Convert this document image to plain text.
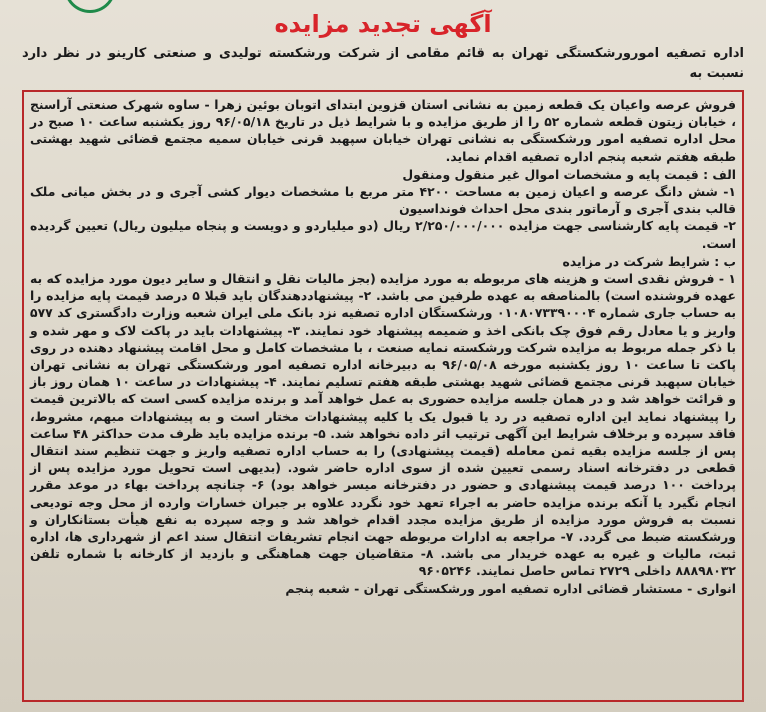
آگهی تجدید مزایده
اداره تصفیه امورورشکستگی تهران به قائم مقامی از شرکت ورشکسته تولیدی و صنعتی کارینو در نظر دارد نسبت به

فروش عرصه واعیان یک قطعه زمین به نشانی استان قزوین ابتدای اتوبان بوئین زهرا - ساوه شهرک صنعتی آراسنج ، خیابان زیتون قطعه شماره ۵۲ را از طریق مزایده و با شرایط ذیل در تاریخ ۹۶/۰۵/۱۸ روز یکشنبه ساعت ۱۰ صبح در محل اداره تصفیه امور ورشکستگی به نشانی تهران خیابان سپهبد قرنی خیابان سمیه مجتمع قضائی شهید بهشتی طبقه هفتم شعبه پنجم اداره تصفیه اقدام نماید.

الف : قیمت پایه و مشخصات اموال غیر منقول ومنقول

۱- شش دانگ عرصه و اعیان زمین به مساحت ۴۲۰۰ متر مربع با مشخصات دیوار کشی آجری و در بخش میانی ملک قالب بندی آجری و آرماتور بندی محل احداث فونداسیون

۲- قیمت پایه کارشناسی جهت مزایده ۲/۲۵۰/۰۰۰/۰۰۰ ریال (دو میلیاردو و دویست و پنجاه میلیون ریال) تعیین گردیده است.

ب : شرایط شرکت در مزایده

۱ - فروش نقدی است و هزینه های مربوطه به مورد مزایده (بجز مالیات نقل و انتقال و سایر دیون مورد مزایده که به عهده فروشنده است) بالمناصفه به عهده طرفین می باشد. ۲- پیشنهاددهندگان باید قبلا ۵ درصد قیمت پایه مزایده را به حساب جاری شماره ۰۱۰۸۰۷۳۳۹۰۰۰۴ ورشکستگان اداره تصفیه نزد بانک ملی ایران شعبه وزارت دادگستری کد ۵۷۷ واریز و یا معادل رقم فوق چک بانکی اخذ و ضمیمه پیشنهاد خود نمایند. ۳- پیشنهادات باید در پاکت لاک و مهر شده و با ذکر جمله مربوط به مزایده شرکت ورشکسته نمایه صنعت ، با مشخصات کامل و محل اقامت پیشنهاد دهنده در روی پاکت تا ساعت ۱۰ روز یکشنبه مورخه ۹۶/۰۵/۰۸ به دبیرخانه اداره تصفیه امور ورشکستگی تهران به نشانی تهران خیابان سپهبد قرنی مجتمع قضائی شهید بهشتی طبقه هفتم تسلیم نمایند. ۴- پیشنهادات در ساعت ۱۰ همان روز باز و قرائت خواهد شد و در همان جلسه مزایده حضوری به عمل خواهد آمد و برنده مزایده کسی است که بالاترین قیمت را پیشنهاد نماید این اداره تصفیه در رد یا قبول یک یا کلیه پیشنهادات مختار است و به پیشنهادات مبهم، مشروط، فاقد سپرده و برخلاف شرایط این آگهی ترتیب اثر داده نخواهد شد. ۵- برنده مزایده باید ظرف مدت حداکثر ۴۸ ساعت پس از جلسه مزایده بقیه ثمن معامله (قیمت پیشنهادی) را به حساب اداره تصفیه واریز و جهت تنظیم سند انتقال قطعی در دفترخانه اسناد رسمی تعیین شده از سوی اداره حاضر شود. (بدیهی است تحویل مورد مزایده پس از پرداخت ۱۰۰ درصد قیمت پیشنهادی و حضور در دفترخانه میسر خواهد بود) ۶- چنانچه پرداخت بهاء در موعد مقرر انجام نگیرد یا آنکه برنده مزایده حاضر به اجراء تعهد خود نگردد علاوه بر جبران خسارات وارده از محل وجه تودیعی نسبت به فروش مورد مزایده از طریق مزایده مجدد اقدام خواهد شد و وجه سپرده به نفع هیأت بستانکاران و ورشکسته ضبط می گردد. ۷- مراجعه به ادارات مربوطه جهت انجام تشریفات انتقال سند اعم از شهرداری ها، اداره ثبت، مالیات و غیره به عهده خریدار می باشد. ۸- متقاضیان جهت هماهنگی و بازدید از کارخانه با شماره تلفن ۸۸۸۹۸۰۳۲ داخلی ۲۷۲۹ تماس حاصل نمایند. ۹۶۰۵۲۴۶

انواری - مستشار قضائی اداره تصفیه امور ورشکستگی تهران - شعبه پنجم
